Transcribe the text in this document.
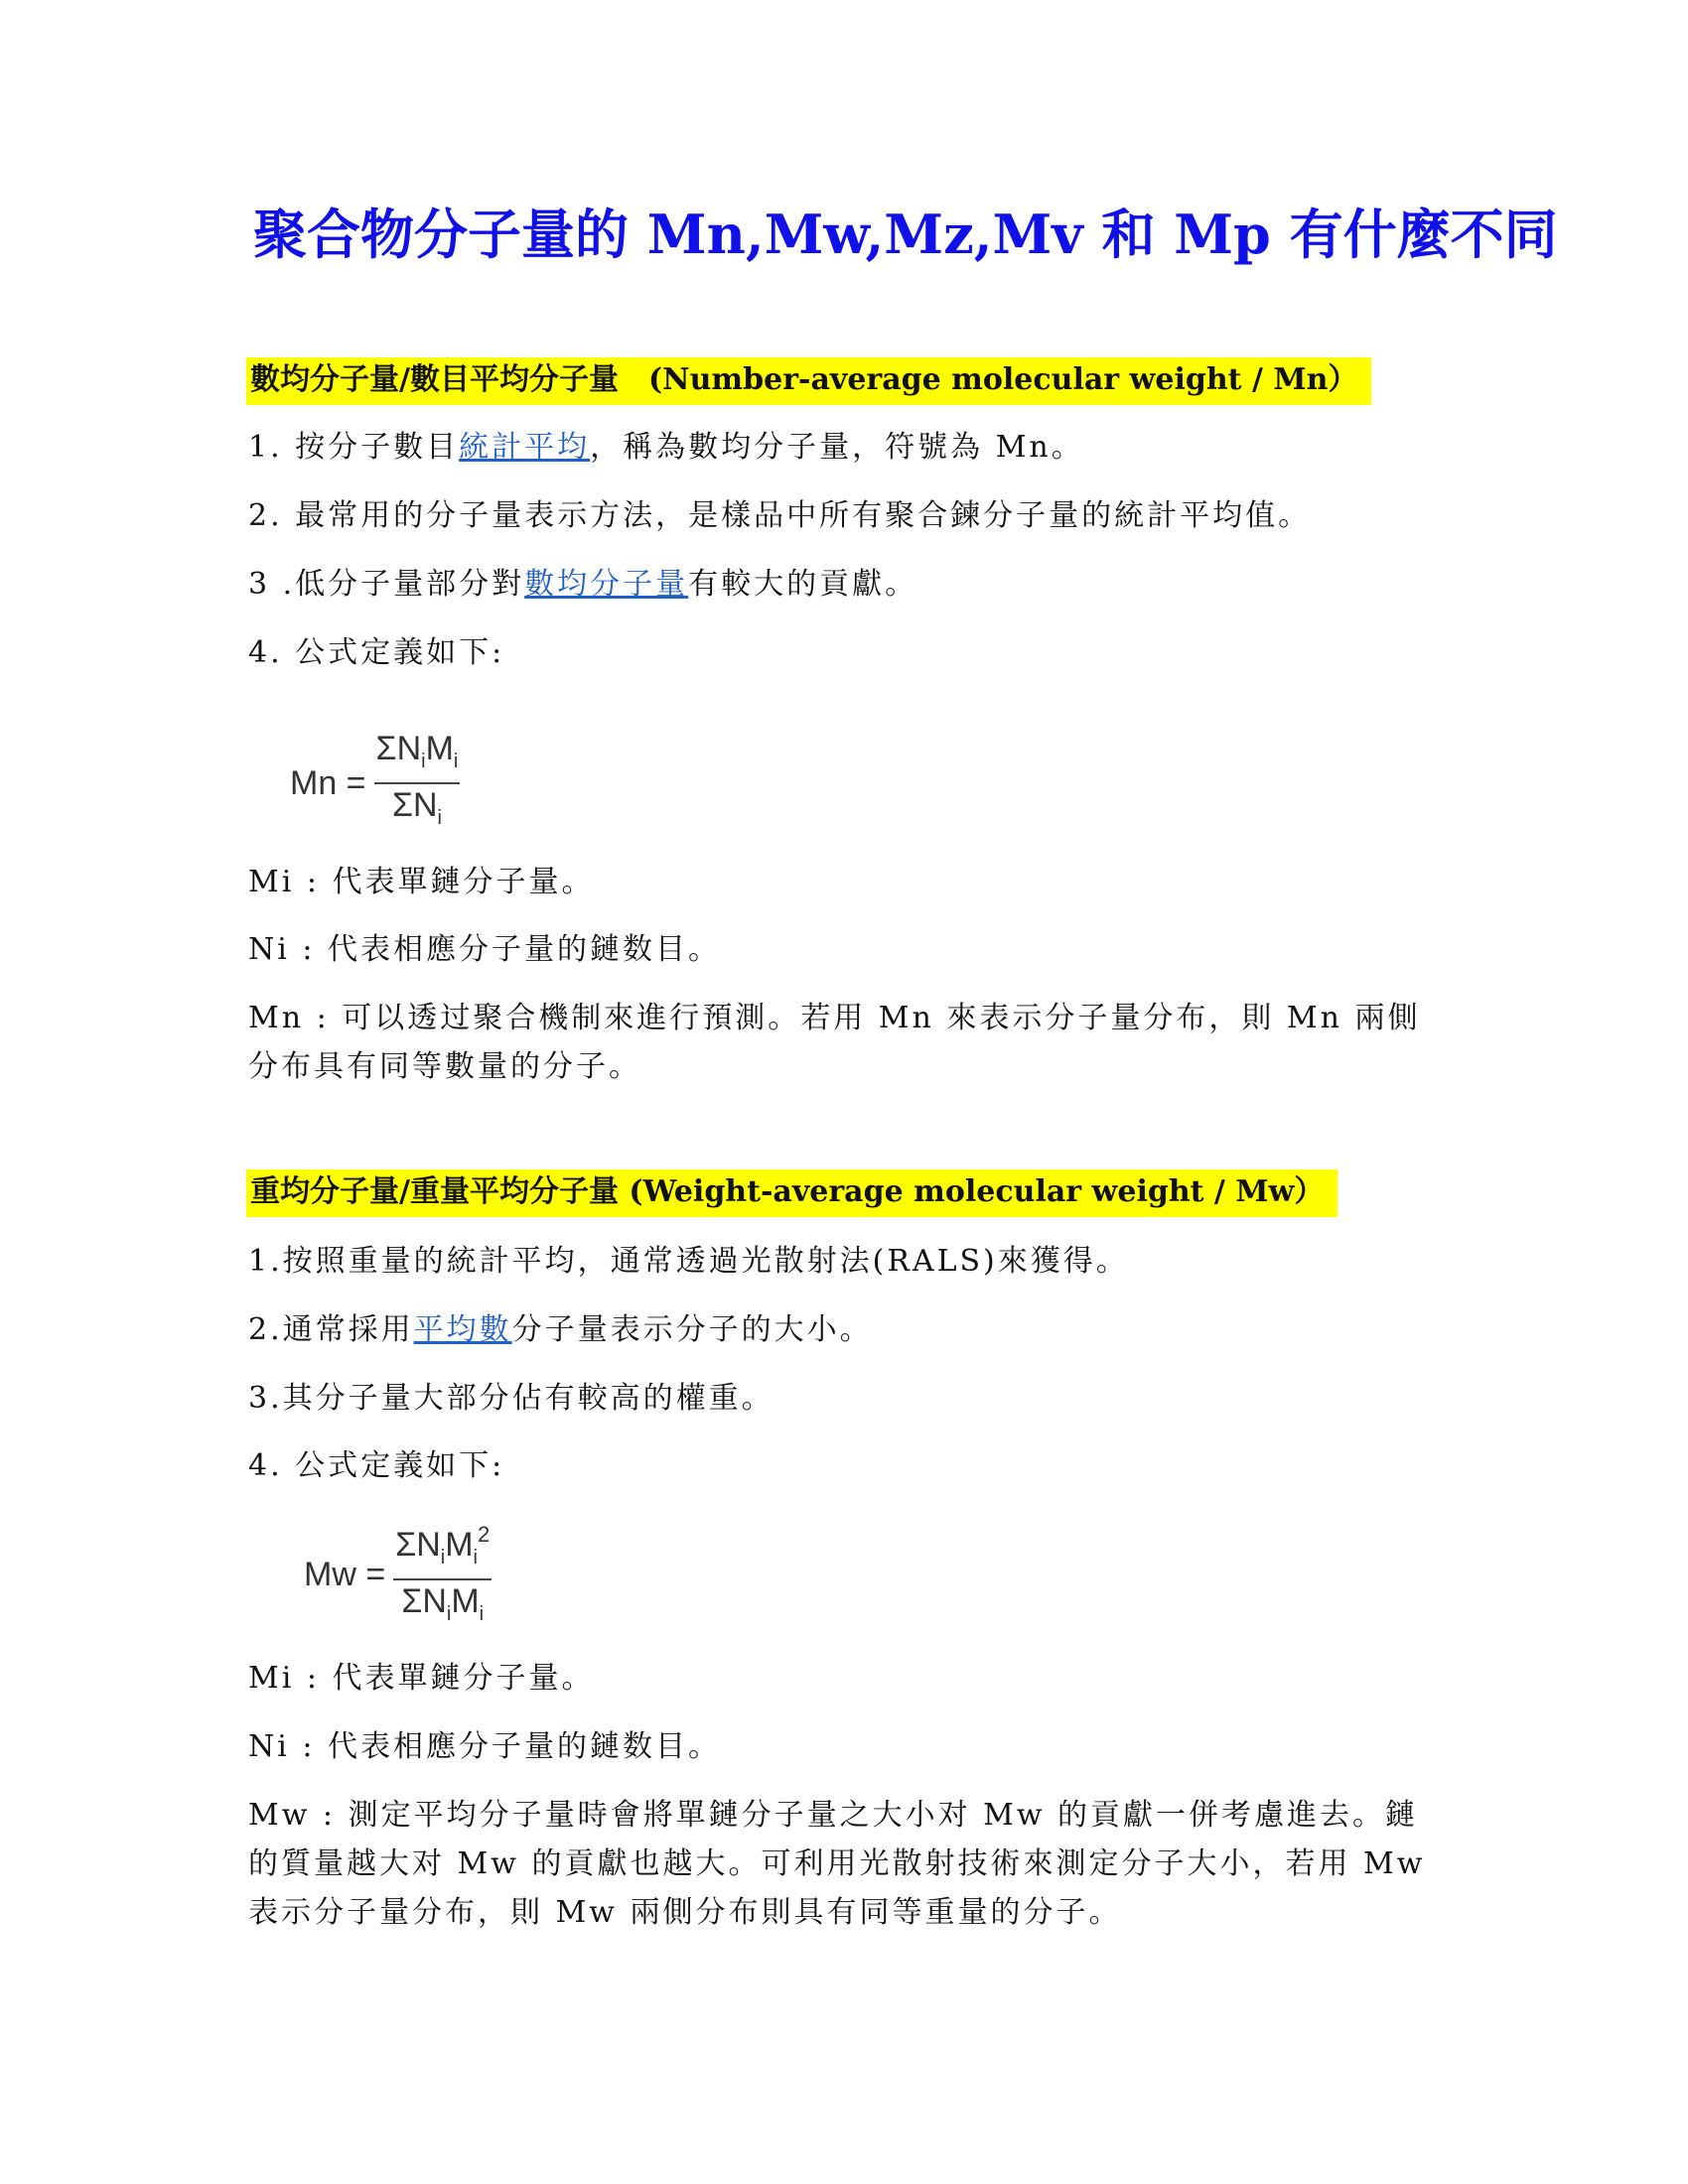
聚合物分子量的 Mn,Mw,Mz,Mv 和 Mp 有什麼不同
數均分子量/數目平均分子量　(Number-average molecular weight / Mn）
1. 按分子數目統計平均，稱為數均分子量，符號為 Mn。
2. 最常用的分子量表示方法，是樣品中所有聚合鍊分子量的統計平均值。
3 .低分子量部分對數均分子量有較大的貢獻。
4. 公式定義如下:
$Mn = \frac{\Sigma N_iM_i}{\Sigma N_i}$
Mi : 代表單鏈分子量。
Ni : 代表相應分子量的鏈数目。
Mn : 可以透过聚合機制來進行預測。若用 Mn 來表示分子量分布，則 Mn 兩側分布具有同等數量的分子。
重均分子量/重量平均分子量 (Weight-average molecular weight / Mw）
1.按照重量的統計平均，通常透過光散射法(RALS)來獲得。
2.通常採用平均數分子量表示分子的大小。
3.其分子量大部分佔有較高的權重。
4. 公式定義如下:
$Mw = \frac{\Sigma N_iM_i^2}{\Sigma N_iM_i}$
Mi : 代表單鏈分子量。
Ni : 代表相應分子量的鏈数目。
Mw : 測定平均分子量時會將單鏈分子量之大小对 Mw 的貢獻一併考慮進去。鏈的質量越大对 Mw 的貢獻也越大。可利用光散射技術來測定分子大小，若用 Mw 表示分子量分布，則 Mw 兩側分布則具有同等重量的分子。
